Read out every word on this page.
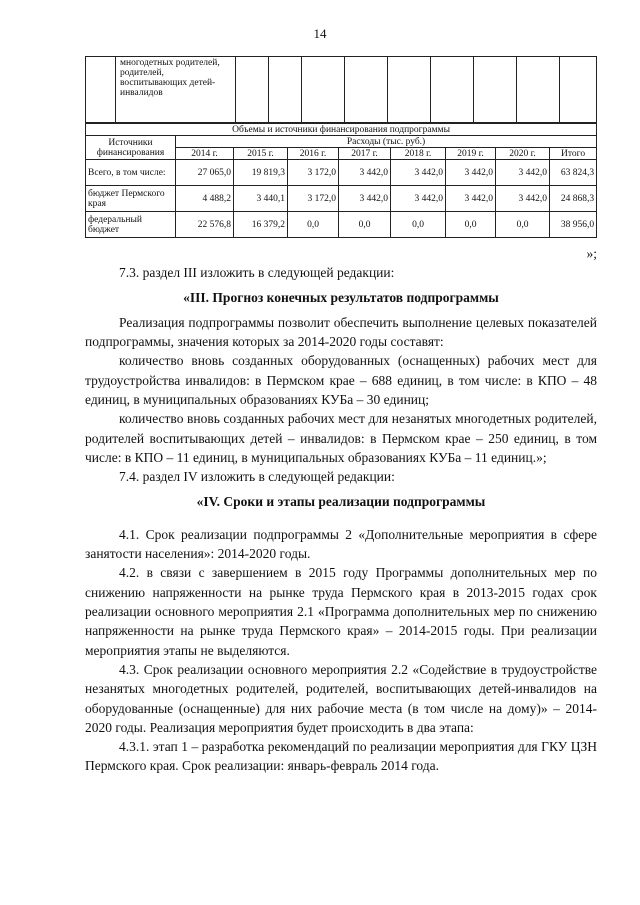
14
	многодетных родителей, родителей, воспитывающих детей-инвалидов									
Объемы и источники финансирования подпрограммы								
Источники финансирования	Расходы (тыс. руб.)							
	2014 г.	2015 г.	2016 г.	2017 г.	2018 г.	2019 г.	2020 г.	Итого
Всего, в том числе:	27 065,0	19 819,3	3 172,0	3 442,0	3 442,0	3 442,0	3 442,0	63 824,3
бюджет Пермского края	4 488,2	3 440,1	3 172,0	3 442,0	3 442,0	3 442,0	3 442,0	24 868,3
федеральный бюджет	22 576,8	16 379,2	0,0	0,0	0,0	0,0	0,0	38 956,0

»;

7.3. раздел III изложить в следующей редакции:

«III. Прогноз конечных результатов подпрограммы

Реализация подпрограммы позволит обеспечить выполнение целевых показателей подпрограммы, значения которых за 2014-2020 годы составят:

количество вновь созданных оборудованных (оснащенных) рабочих мест для трудоустройства инвалидов: в Пермском крае – 688 единиц, в том числе: в КПО – 48 единиц, в муниципальных образованиях КУБа – 30 единиц;

количество вновь созданных рабочих мест для незанятых многодетных родителей, родителей воспитывающих детей – инвалидов: в Пермском крае – 250 единиц, в том числе: в КПО – 11 единиц, в муниципальных образованиях КУБа – 11 единиц.»;

7.4. раздел IV изложить в следующей редакции:

«IV. Сроки и этапы реализации подпрограммы

4.1. Срок реализации подпрограммы 2 «Дополнительные мероприятия в сфере занятости населения»: 2014-2020 годы.

4.2. в связи с завершением в 2015 году Программы дополнительных мер по снижению напряженности на рынке труда Пермского края в 2013-2015 годах срок реализации основного мероприятия 2.1 «Программа дополнительных мер по снижению напряженности на рынке труда Пермского края» – 2014-2015 годы. При реализации мероприятия этапы не выделяются.

4.3. Срок реализации основного мероприятия 2.2 «Содействие в трудоустройстве незанятых многодетных родителей, родителей, воспитывающих детей-инвалидов на оборудованные (оснащенные) для них рабочие места (в том числе на дому)» – 2014-2020 годы. Реализация мероприятия будет происходить в два этапа:

4.3.1. этап 1 – разработка рекомендаций по реализации мероприятия для ГКУ ЦЗН Пермского края. Срок реализации: январь-февраль 2014 года.
